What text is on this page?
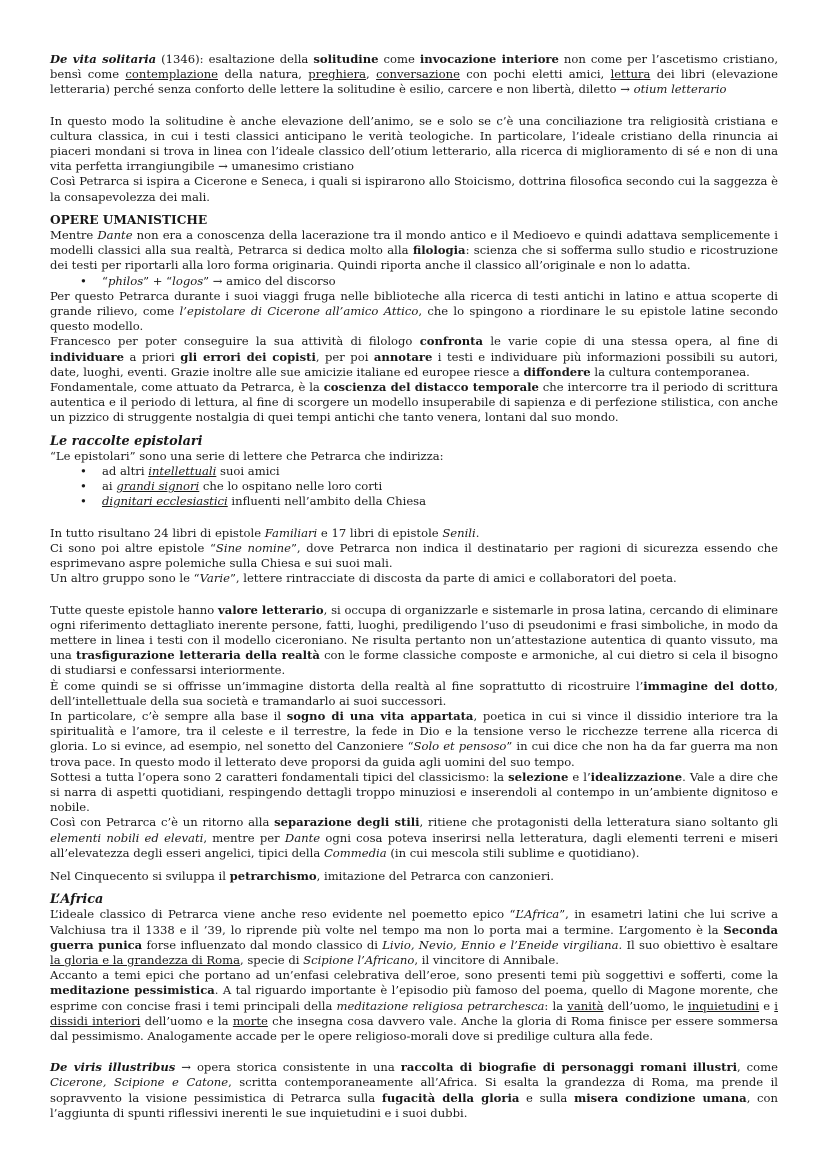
De vita solitaria (1346): esaltazione della solitudine come invocazione interiore non come per l’ascetismo cristiano, bensì come contemplazione della natura, preghiera, conversazione con pochi eletti amici, lettura dei libri (elevazione letteraria) perché senza conforto delle lettere la solitudine è esilio, carcere e non libertà, diletto → otium letterario

In questo modo la solitudine è anche elevazione dell’animo, se e solo se c’è una conciliazione tra religiosità cristiana e cultura classica, in cui i testi classici anticipano le verità teologiche. In particolare, l’ideale cristiano della rinuncia ai piaceri mondani si trova in linea con l’ideale classico dell’otium letterario, alla ricerca di miglioramento di sé e non di una vita perfetta irrangiungibile → umanesimo cristiano

Così Petrarca si ispira a Cicerone e Seneca, i quali si ispirarono allo Stoicismo, dottrina filosofica secondo cui la saggezza è la consapevolezza dei mali.

OPERE UMANISTICHE

Mentre Dante non era a conoscenza della lacerazione tra il mondo antico e il Medioevo e quindi adattava semplicemente i modelli classici alla sua realtà, Petrarca si dedica molto alla filologia: scienza che si sofferma sullo studio e ricostruzione dei testi per riportarli alla loro forma originaria. Quindi riporta anche il classico all’originale e non lo adatta.

• “philos” + “logos” → amico del discorso

Per questo Petrarca durante i suoi viaggi fruga nelle biblioteche alla ricerca di testi antichi in latino e attua scoperte di grande rilievo, come l’epistolare di Cicerone all’amico Attico, che lo spingono a riordinare le su epistole latine secondo questo modello.

Francesco per poter conseguire la sua attività di filologo confronta le varie copie di una stessa opera, al fine di individuare a priori gli errori dei copisti, per poi annotare i testi e individuare più informazioni possibili su autori, date, luoghi, eventi. Grazie inoltre alle sue amicizie italiane ed europee riesce a diffondere la cultura contemporanea.

Fondamentale, come attuato da Petrarca, è la coscienza del distacco temporale che intercorre tra il periodo di scrittura autentica e il periodo di lettura, al fine di scorgere un modello insuperabile di sapienza e di perfezione stilistica, con anche un pizzico di struggente nostalgia di quei tempi antichi che tanto venera, lontani dal suo mondo.

Le raccolte epistolari

“Le epistolari” sono una serie di lettere che Petrarca che indirizza:

• ad altri intellettuali suoi amici
• ai grandi signori che lo ospitano nelle loro corti
• dignitari ecclesiastici influenti nell’ambito della Chiesa

In tutto risultano 24 libri di epistole Familiari e 17 libri di epistole Senili.

Ci sono poi altre epistole “Sine nomine”, dove Petrarca non indica il destinatario per ragioni di sicurezza essendo che esprimevano aspre polemiche sulla Chiesa e sui suoi mali.

Un altro gruppo sono le “Varie”, lettere rintracciate di discosta da parte di amici e collaboratori del poeta.

Tutte queste epistole hanno valore letterario, si occupa di organizzarle e sistemarle in prosa latina, cercando di eliminare ogni riferimento dettagliato inerente persone, fatti, luoghi, prediligendo l’uso di pseudonimi e frasi simboliche, in modo da mettere in linea i testi con il modello ciceroniano. Ne risulta pertanto non un’attestazione autentica di quanto vissuto, ma una trasfigurazione letteraria della realtà con le forme classiche composte e armoniche, al cui dietro si cela il bisogno di studiarsi e confessarsi interiormente.

È come quindi se si offrisse un’immagine distorta della realtà al fine soprattutto di ricostruire l’immagine del dotto, dell’intellettuale della sua società e tramandarlo ai suoi successori.

In particolare, c’è sempre alla base il sogno di una vita appartata, poetica in cui si vince il dissidio interiore tra la spiritualità e l’amore, tra il celeste e il terrestre, la fede in Dio e la tensione verso le ricchezze terrene alla ricerca di gloria. Lo si evince, ad esempio, nel sonetto del Canzoniere “Solo et pensoso” in cui dice che non ha da far guerra ma non trova pace. In questo modo il letterato deve proporsi da guida agli uomini del suo tempo.

Sottesi a tutta l’opera sono 2 caratteri fondamentali tipici del classicismo: la selezione e l’idealizzazione. Vale a dire che si narra di aspetti quotidiani, respingendo dettagli troppo minuziosi e inserendoli al contempo in un’ambiente dignitoso e nobile.

Così con Petrarca c’è un ritorno alla separazione degli stili, ritiene che protagonisti della letteratura siano soltanto gli elementi nobili ed elevati, mentre per Dante ogni cosa poteva inserirsi nella letteratura, dagli elementi terreni e miseri all’elevatezza degli esseri angelici, tipici della Commedia (in cui mescola stili sublime e quotidiano).

Nel Cinquecento si sviluppa il petrarchismo, imitazione del Petrarca con canzonieri.

L’Africa

L’ideale classico di Petrarca viene anche reso evidente nel poemetto epico “L’Africa”, in esametri latini che lui scrive a Valchiusa tra il 1338 e il ’39, lo riprende più volte nel tempo ma non lo porta mai a termine. L’argomento è la Seconda guerra punica forse influenzato dal mondo classico di Livio, Nevio, Ennio e l’Eneide virgiliana. Il suo obiettivo è esaltare la gloria e la grandezza di Roma, specie di Scipione l’Africano, il vincitore di Annibale.

Accanto a temi epici che portano ad un’enfasi celebrativa dell’eroe, sono presenti temi più soggettivi e sofferti, come la meditazione pessimistica. A tal riguardo importante è l’episodio più famoso del poema, quello di Magone morente, che esprime con concise frasi i temi principali della meditazione religiosa petrarchesca: la vanità dell’uomo, le inquietudini e i dissidi interiori dell’uomo e la morte che insegna cosa davvero vale. Anche la gloria di Roma finisce per essere sommersa dal pessimismo. Analogamente accade per le opere religioso-morali dove si predilige cultura alla fede.

De viris illustribus → opera storica consistente in una raccolta di biografie di personaggi romani illustri, come Cicerone, Scipione e Catone, scritta contemporaneamente all’Africa. Si esalta la grandezza di Roma, ma prende il sopravvento la visione pessimistica di Petrarca sulla fugacità della gloria e sulla misera condizione umana, con l’aggiunta di spunti riflessivi inerenti le sue inquietudini e i suoi dubbi.
